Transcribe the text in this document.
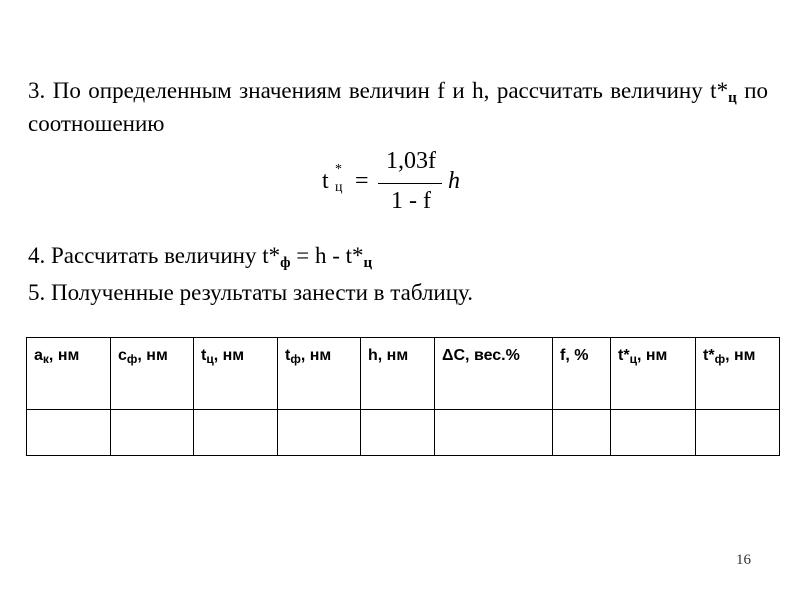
3. По определенным значениям величин f и h, рассчитать величину $t*_ц$ по соотношению
t *
ц =
1,03f
1 - f
h
4. Рассчитать величину $t*_ф = h - t*_ц$
5. Полученные результаты занести в таблицу.
$a_к$, нм	$c_ф$, нм	$t_ц$, нм	$t_ф$, нм	h, нм	ΔC, вес.%	f, %	$t*_ц$, нм	$t*_ф$, нм

16
